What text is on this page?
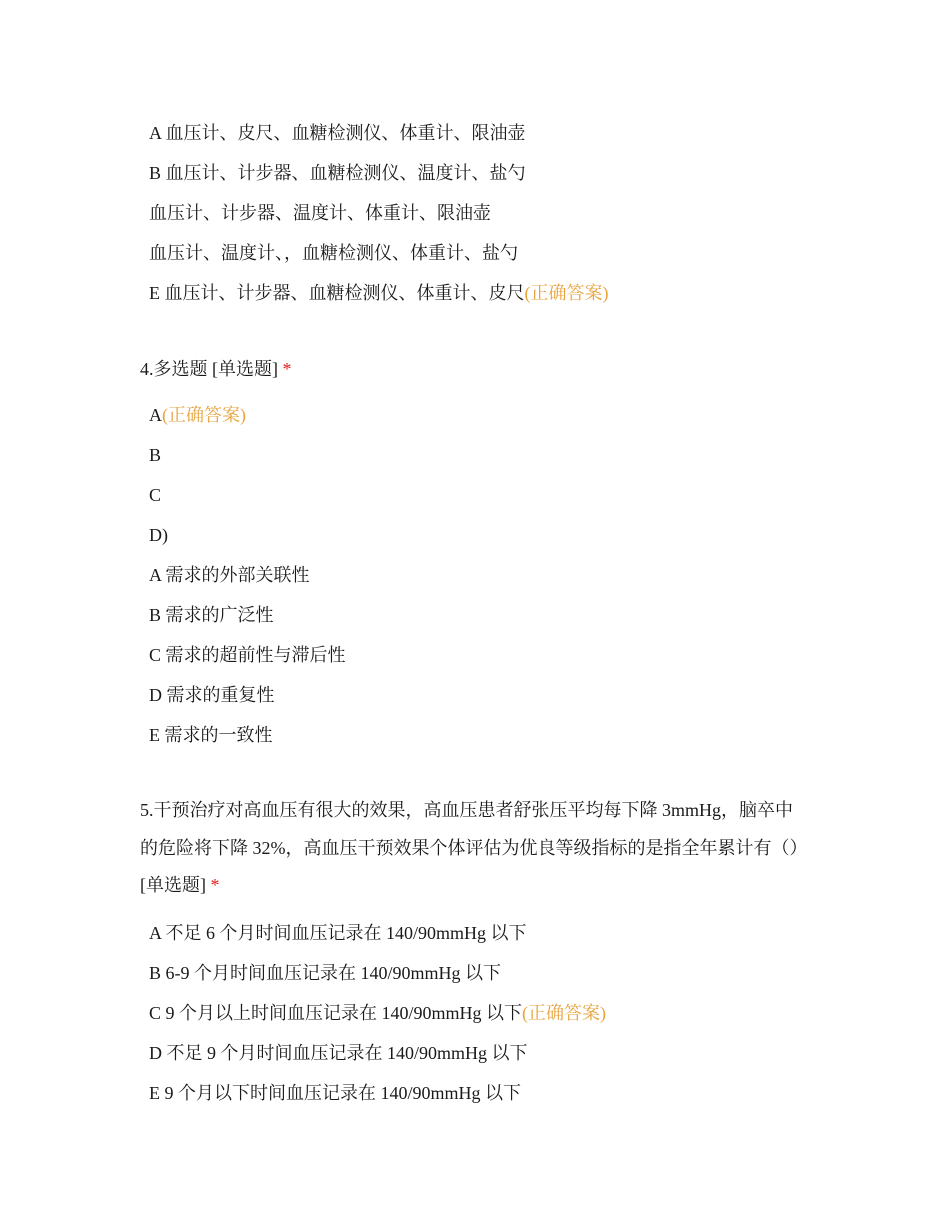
A 血压计、皮尺、血糖检测仪、体重计、限油壶
B 血压计、计步器、血糖检测仪、温度计、盐勺
血压计、计步器、温度计、体重计、限油壶
血压计、温度计、，血糖检测仪、体重计、盐勺
E 血压计、计步器、血糖检测仪、体重计、皮尺(正确答案)
4.多选题 [单选题] *
A(正确答案)
B
C
D)
A 需求的外部关联性
B 需求的广泛性
C 需求的超前性与滞后性
D 需求的重复性
E 需求的一致性
5.干预治疗对高血压有很大的效果，高血压患者舒张压平均每下降 3mmHg，脑卒中的危险将下降 32%，高血压干预效果个体评估为优良等级指标的是指全年累计有（） [单选题] *
A 不足 6 个月时间血压记录在 140/90mmHg 以下
B 6-9 个月时间血压记录在 140/90mmHg 以下
C 9 个月以上时间血压记录在 140/90mmHg 以下(正确答案)
D 不足 9 个月时间血压记录在 140/90mmHg 以下
E 9 个月以下时间血压记录在 140/90mmHg 以下
